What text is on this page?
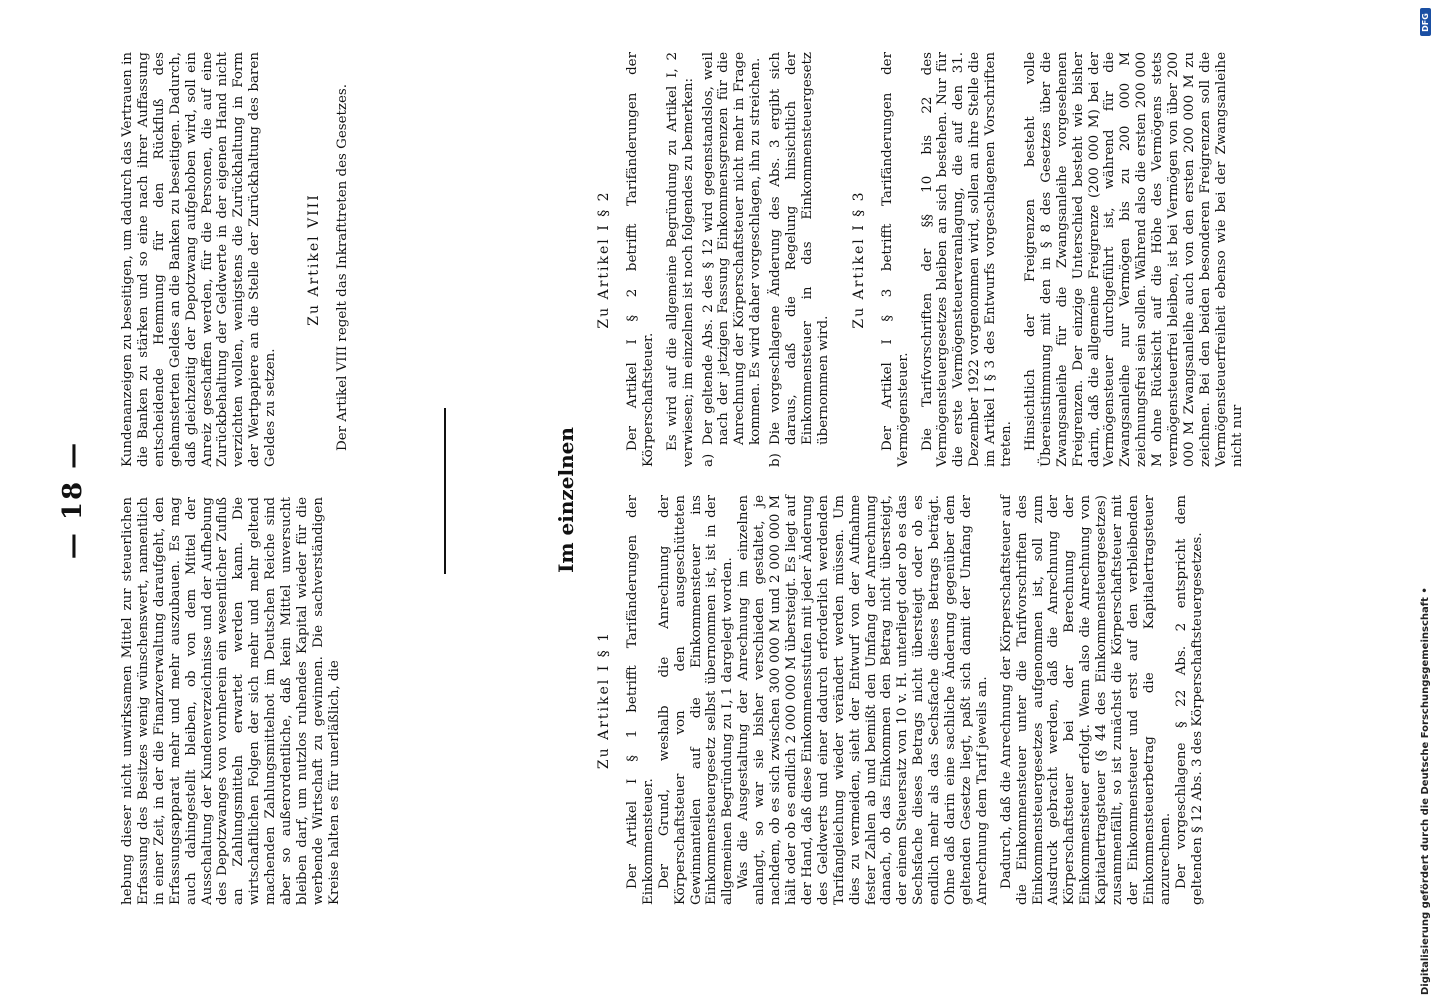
— 18 — hebung dieser nicht unwirksamen Mittel zur steuerlichen Erfassung des Besitzes wenig wünschenswert, namentlich in einer Zeit, in der die Finanzverwaltung daraufgeht, den Erfassungsapparat mehr und mehr auszubauen. Es mag auch dahingestellt bleiben, ob von dem Mittel der Ausschaltung der Kundenverzeichnisse und der Aufhebung des Depotzwanges von vornherein ein wesentlicher Zufluß an Zahlungsmitteln erwartet werden kann. Die wirtschaftlichen Folgen der sich mehr und mehr geltend machenden Zahlungsmittelnot im Deutschen Reiche sind aber so außerordentliche, daß kein Mittel unversucht bleiben darf, um nutzlos ruhendes Kapital wieder für die werbende Wirtschaft zu gewinnen. Die sachverständigen Kreise halten es für unerläßlich, die

Kundenanzeigen zu beseitigen, um dadurch das Vertrauen in die Banken zu stärken und so eine nach ihrer Auffassung entscheidende Hemmung für den Rückfluß des gehamsterten Geldes an die Banken zu beseitigen. Dadurch, daß gleichzeitig der Depotzwang aufgehoben wird, soll ein Anreiz geschaffen werden, für die Personen, die auf eine Zurückbehaltung der Geldwerte in der eigenen Hand nicht verzichten wollen, wenigstens die Zurückhaltung in Form der Wertpapiere an die Stelle der Zurückhaltung des baren Geldes zu setzen.

Zu Artikel VIII Der Artikel VIII regelt das Inkrafttreten des Gesetzes.

Im einzelnen

Zu Artikel I § 1 Der Artikel I § 1 betrifft Tarifänderungen der Einkommensteuer. Der Grund, weshalb die Anrechnung der Körperschaftsteuer von den ausgeschütteten Gewinnanteilen auf die Einkommensteuer ins Einkommensteuergesetz selbst übernommen ist, ist in der allgemeinen Begründung zu I, 1 dargelegt worden. Was die Ausgestaltung der Anrechnung im einzelnen anlangt, so war sie bisher verschieden gestaltet, je nachdem, ob es sich zwischen 300 000 M und 2 000 000 M hält oder ob es endlich 2 000 000 M übersteigt. Es liegt auf der Hand, daß diese Einkommensstufen mit jeder Änderung des Geldwerts und einer dadurch erforderlich werdenden Tarifangleichung wieder verändert werden müssen. Um dies zu vermeiden, sieht der Entwurf von der Aufnahme fester Zahlen ab und bemißt den Umfang der Anrechnung danach, ob das Einkommen den Betrag nicht übersteigt, der einem Steuersatz von 10 v. H. unterliegt oder ob es das Sechsfache dieses Betrags nicht übersteigt oder ob es endlich mehr als das Sechsfache dieses Betrags beträgt. Ohne daß darin eine sachliche Änderung gegenüber dem geltenden Gesetze liegt, paßt sich damit der Umfang der Anrechnung dem Tarif jeweils an. Dadurch, daß die Anrechnung der Körperschaftsteuer auf die Einkommensteuer unter die Tarifvorschriften des Einkommensteuergesetzes aufgenommen ist, soll zum Ausdruck gebracht werden, daß die Anrechnung der Körperschaftsteuer bei der Berechnung der Einkommensteuer erfolgt. Wenn also die Anrechnung von Kapitalertragsteuer (§ 44 des Einkommensteuergesetzes) zusammenfällt, so ist zunächst die Körperschaftsteuer mit der Einkommensteuer und erst auf den verbleibenden Einkommensteuerbetrag die Kapitalertragsteuer anzurechnen. Der vorgeschlagene § 22 Abs. 2 entspricht dem geltenden § 12 Abs. 3 des Körperschaftsteuergesetzes.

Zu Artikel I § 2 Der Artikel I § 2 betrifft Tarifänderungen der Körperschaftsteuer. Es wird auf die allgemeine Begründung zu Artikel I, 2 verwiesen; im einzelnen ist noch folgendes zu bemerken: a)
Der geltende Abs. 2 des § 12 wird gegenstandslos, weil nach der jetzigen Fassung Einkommensgrenzen für die Anrechnung der Körperschaftsteuer nicht mehr in Frage kommen. Es wird daher vorgeschlagen, ihn zu streichen.
b)
Die vorgeschlagene Änderung des Abs. 3 ergibt sich daraus, daß die Regelung hinsichtlich der Einkommensteuer in das Einkommensteuergesetz übernommen wird.

Zu Artikel I § 3 Der Artikel I § 3 betrifft Tarifänderungen der Vermögensteuer. Die Tarifvorschriften der §§ 10 bis 22 des Vermögensteuergesetzes bleiben an sich bestehen. Nur für die erste Vermögensteuerveranlagung, die auf den 31. Dezember 1922 vorgenommen wird, sollen an ihre Stelle die im Artikel I § 3 des Entwurfs vorgeschlagenen Vorschriften treten. Hinsichtlich der Freigrenzen besteht volle Übereinstimmung mit den in § 8 des Gesetzes über die Zwangsanleihe für die Zwangsanleihe vorgesehenen Freigrenzen. Der einzige Unterschied besteht wie bisher darin, daß die allgemeine Freigrenze (200 000 M) bei der Vermögensteuer durchgeführt ist, während für die Zwangsanleihe nur Vermögen bis zu 200 000 M zeichnungsfrei sein sollen. Während also die ersten 200 000 M ohne Rücksicht auf die Höhe des Vermögens stets vermögensteuerfrei bleiben, ist bei Vermögen von über 200 000 M Zwangsanleihe auch von den ersten 200 000 M zu zeichnen. Bei den beiden besonderen Freigrenzen soll die Vermögensteuerfreiheit ebenso wie bei der Zwangsanleihe nicht nur

Digitalisierung gefördert durch die Deutsche Forschungsgemeinschaft •
DFG
